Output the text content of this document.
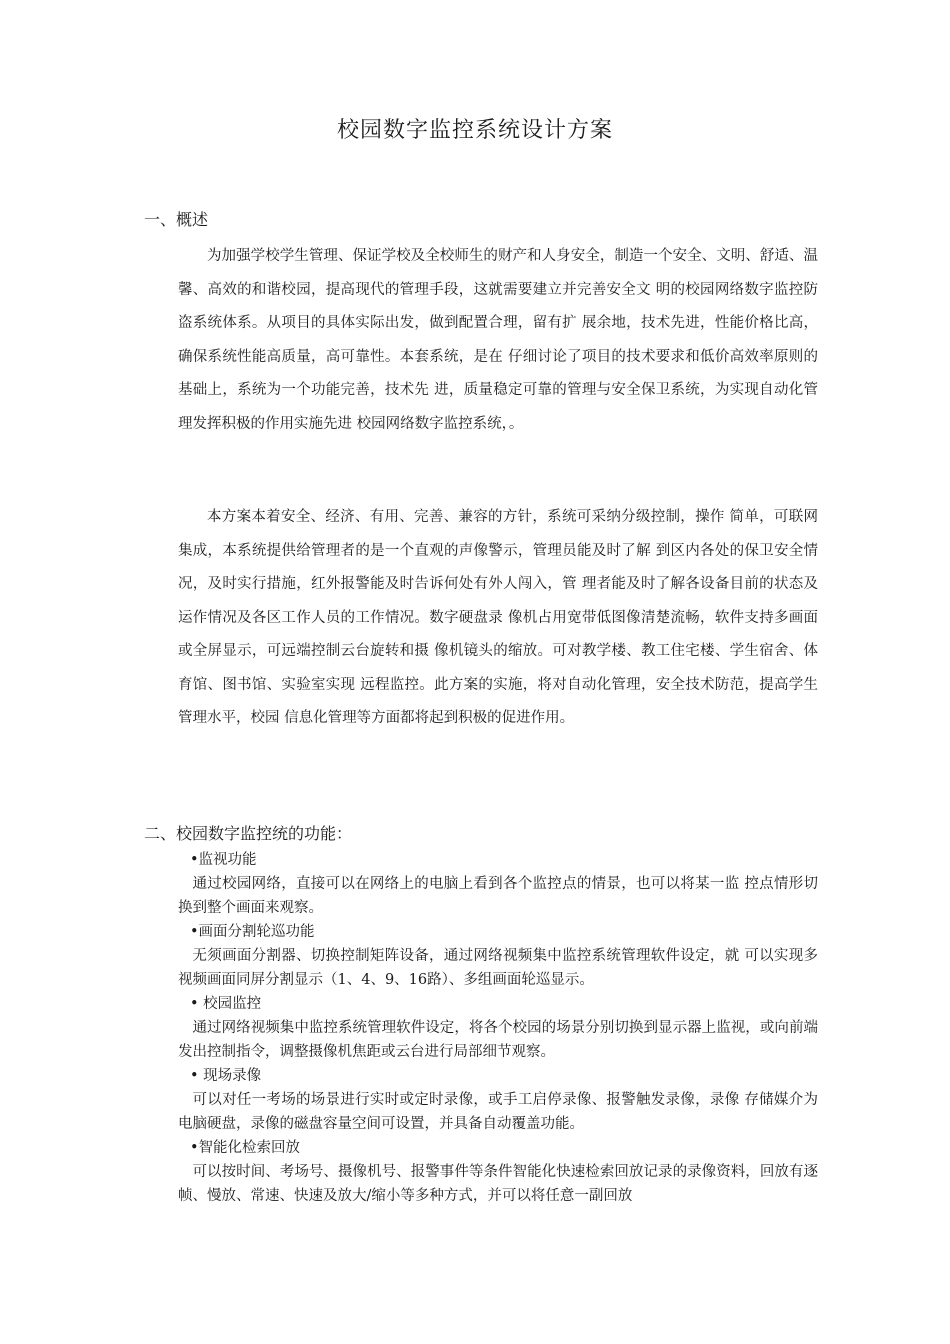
校园数字监控系统设计方案
一、概述

为加强学校学生管理、保证学校及全校师生的财产和人身安全，制造一个安全、文明、舒适、温馨、高效的和谐校园，提高现代的管理手段，这就需要建立并完善安全文 明的校园网络数字监控防盗系统体系。从项目的具体实际出发，做到配置合理，留有扩 展余地，技术先进，性能价格比高，确保系统性能高质量，高可靠性。本套系统，是在 仔细讨论了项目的技术要求和低价高效率原则的基础上，系统为一个功能完善，技术先 进，质量稳定可靠的管理与安全保卫系统，为实现自动化管理发挥积极的作用实施先进 校园网络数字监控系统，。

本方案本着安全、经济、有用、完善、兼容的方针，系统可采纳分级控制，操作 简单，可联网集成，本系统提供给管理者的是一个直观的声像警示，管理员能及时了解 到区内各处的保卫安全情况，及时实行措施，红外报警能及时告诉何处有外人闯入，管 理者能及时了解各设备目前的状态及运作情况及各区工作人员的工作情况。数字硬盘录 像机占用宽带低图像清楚流畅，软件支持多画面或全屏显示，可远端控制云台旋转和摄 像机镜头的缩放。可对教学楼、教工住宅楼、学生宿舍、体育馆、图书馆、实验室实现 远程监控。此方案的实施，将对自动化管理，安全技术防范，提高学生管理水平，校园 信息化管理等方面都将起到积极的促进作用。

二、校园数字监控统的功能：

•监视功能

通过校园网络，直接可以在网络上的电脑上看到各个监控点的情景，也可以将某一监 控点情形切换到整个画面来观察。

•画面分割轮巡功能

无须画面分割器、切换控制矩阵设备，通过网络视频集中监控系统管理软件设定，就 可以实现多视频画面同屏分割显示（1、4、9、16路）、多组画面轮巡显示。

• 校园监控

通过网络视频集中监控系统管理软件设定，将各个校园的场景分别切换到显示器上监视，或向前端发出控制指令，调整摄像机焦距或云台进行局部细节观察。

• 现场录像

可以对任一考场的场景进行实时或定时录像，或手工启停录像、报警触发录像，录像 存储媒介为电脑硬盘，录像的磁盘容量空间可设置，并具备自动覆盖功能。

•智能化检索回放

可以按时间、考场号、摄像机号、报警事件等条件智能化快速检索回放记录的录像资料，回放有逐帧、慢放、常速、快速及放大/缩小等多种方式，并可以将任意一副回放
